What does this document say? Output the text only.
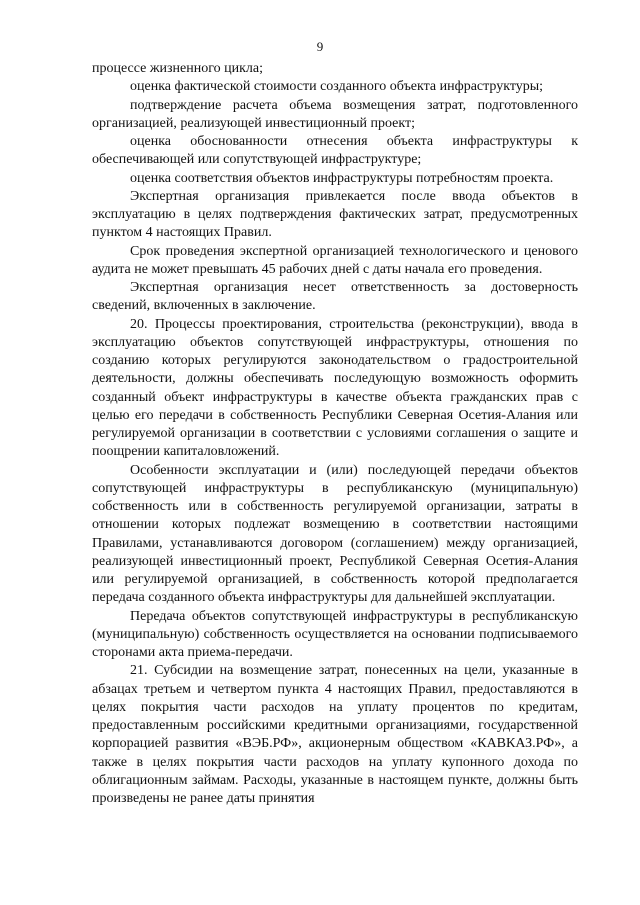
9

процессе жизненного цикла;

оценка фактической стоимости созданного объекта инфраструктуры;

подтверждение расчета объема возмещения затрат, подготовленного организацией, реализующей инвестиционный проект;

оценка обоснованности отнесения объекта инфраструктуры к обеспечивающей или сопутствующей инфраструктуре;

оценка соответствия объектов инфраструктуры потребностям проекта.

Экспертная организация привлекается после ввода объектов в эксплуатацию в целях подтверждения фактических затрат, предусмотренных пунктом 4 настоящих Правил.

Срок проведения экспертной организацией технологического и ценового аудита не может превышать 45 рабочих дней с даты начала его проведения.

Экспертная организация несет ответственность за достоверность сведений, включенных в заключение.

20. Процессы проектирования, строительства (реконструкции), ввода в эксплуатацию объектов сопутствующей инфраструктуры, отношения по созданию которых регулируются законодательством о градостроительной деятельности, должны обеспечивать последующую возможность оформить созданный объект инфраструктуры в качестве объекта гражданских прав с целью его передачи в собственность Республики Северная Осетия-Алания или регулируемой организации в соответствии с условиями соглашения о защите и поощрении капиталовложений.

Особенности эксплуатации и (или) последующей передачи объектов сопутствующей инфраструктуры в республиканскую (муниципальную) собственность или в собственность регулируемой организации, затраты в отношении которых подлежат возмещению в соответствии настоящими Правилами, устанавливаются договором (соглашением) между организацией, реализующей инвестиционный проект, Республикой Северная Осетия-Алания или регулируемой организацией, в собственность которой предполагается передача созданного объекта инфраструктуры для дальнейшей эксплуатации.

Передача объектов сопутствующей инфраструктуры в республиканскую (муниципальную) собственность осуществляется на основании подписываемого сторонами акта приема-передачи.

21. Субсидии на возмещение затрат, понесенных на цели, указанные в абзацах третьем и четвертом пункта 4 настоящих Правил, предоставляются в целях покрытия части расходов на уплату процентов по кредитам, предоставленным российскими кредитными организациями, государственной корпорацией развития «ВЭБ.РФ», акционерным обществом «КАВКАЗ.РФ», а также в целях покрытия части расходов на уплату купонного дохода по облигационным займам. Расходы, указанные в настоящем пункте, должны быть произведены не ранее даты принятия
